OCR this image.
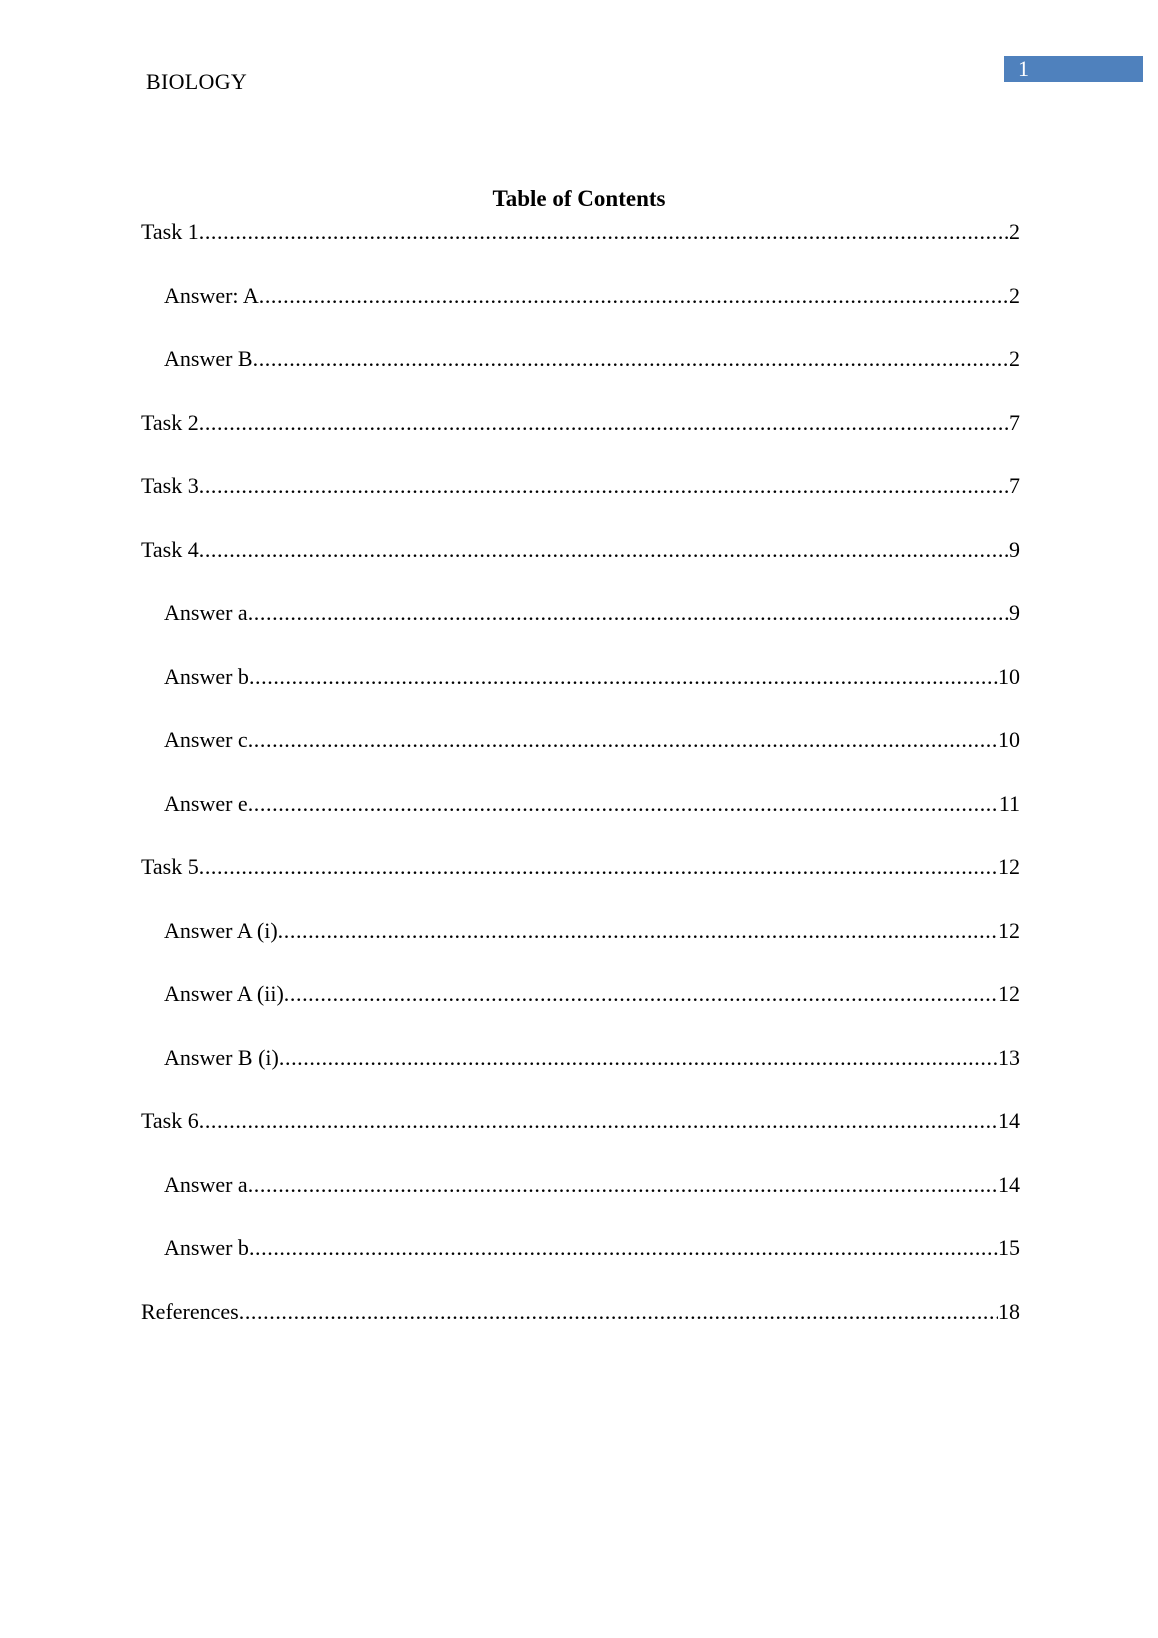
BIOLOGY
1
Table of Contents
Task 1 .....	2
Answer: A .....	2
Answer B .....	2
Task 2 .....	7
Task 3 .....	7
Task 4 .....	9
Answer a .....	9
Answer b .....	10
Answer c .....	10
Answer e .....	11
Task 5 .....	12
Answer A (i) .....	12
Answer A (ii) .....	12
Answer B (i) .....	13
Task 6 .....	14
Answer a .....	14
Answer b .....	15
References .....	18
